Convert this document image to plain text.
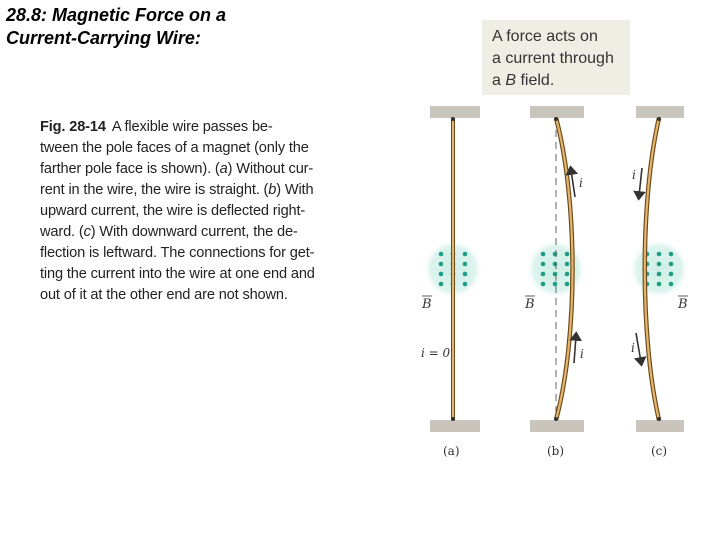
28.8: Magnetic Force on a
Current-Carrying Wire:	A force acts on
a current through
a B field.
Fig. 28-14 A flexible wire passes be-
tween the pole faces of a magnet (only the
farther pole face is shown). (a) Without cur-
rent in the wire, the wire is straight. (b) With
upward current, the wire is deflected right-
ward. (c) With downward current, the de-
flection is leftward. The connections for get-
ting the current into the wire at one end and
out of it at the other end are not shown.
B
i = 0
(a)
i
i
B
(b)
i
i
B
(c)
